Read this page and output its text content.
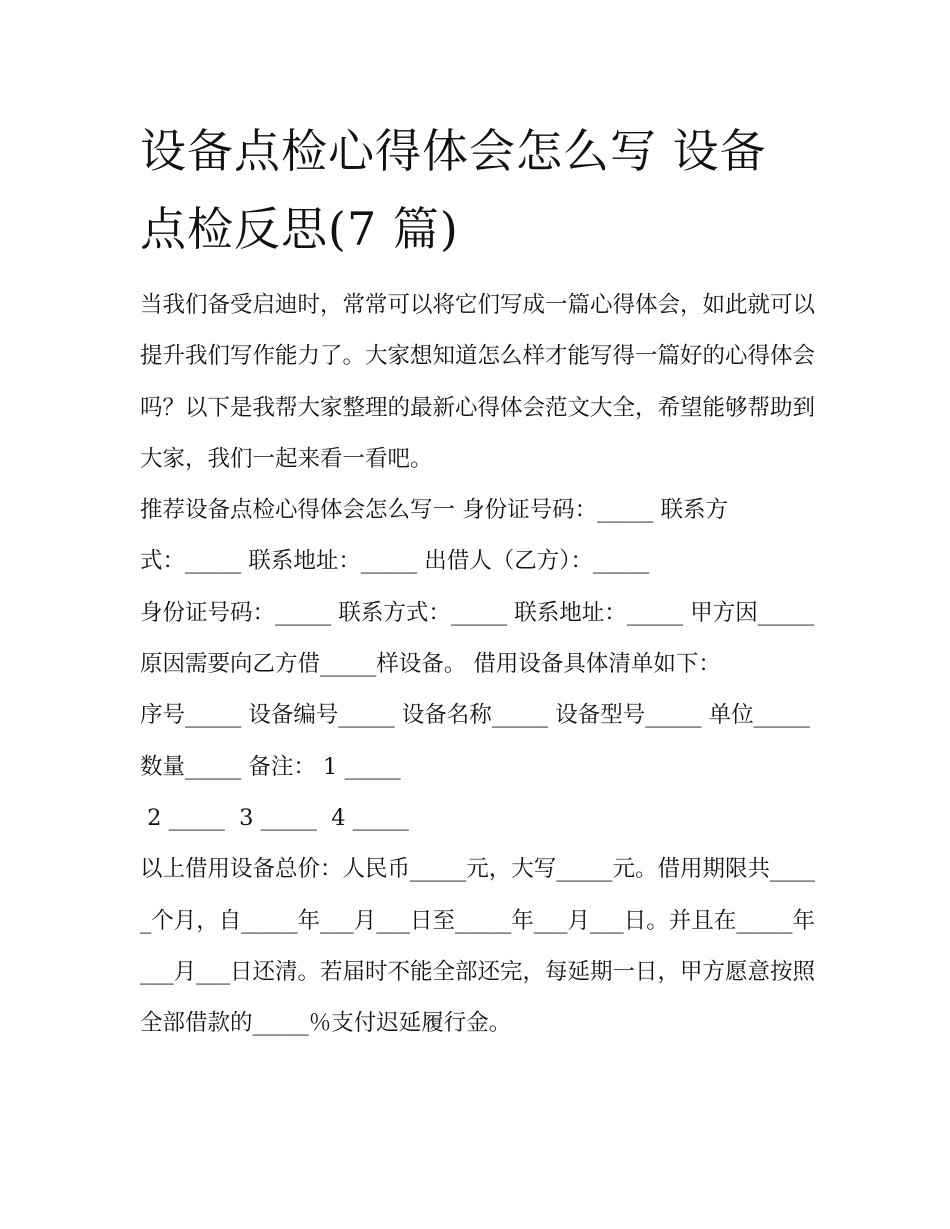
设备点检心得体会怎么写 设备
点检反思(7 篇)

当我们备受启迪时，常常可以将它们写成一篇心得体会，如此就可以提升我们写作能力了。大家想知道怎么样才能写得一篇好的心得体会吗？以下是我帮大家整理的最新心得体会范文大全，希望能够帮助到大家，我们一起来看一看吧。

推荐设备点检心得体会怎么写一 身份证号码：_____ 联系方
式：_____ 联系地址：_____ 出借人（乙方）：_____

身份证号码：_____ 联系方式：_____ 联系地址：_____ 甲方因_____原因需要向乙方借_____样设备。 借用设备具体清单如下：

序号_____ 设备编号_____ 设备名称_____ 设备型号_____ 单位_____ 数量_____ 备注： 1 _____

2 _____  3 _____  4 _____

以上借用设备总价：人民币_____元，大写_____元。借用期限共_____个月，自_____年___月___日至_____年___月___日。并且在_____年___月___日还清。若届时不能全部还完，每延期一日，甲方愿意按照全部借款的_____％支付迟延履行金。
